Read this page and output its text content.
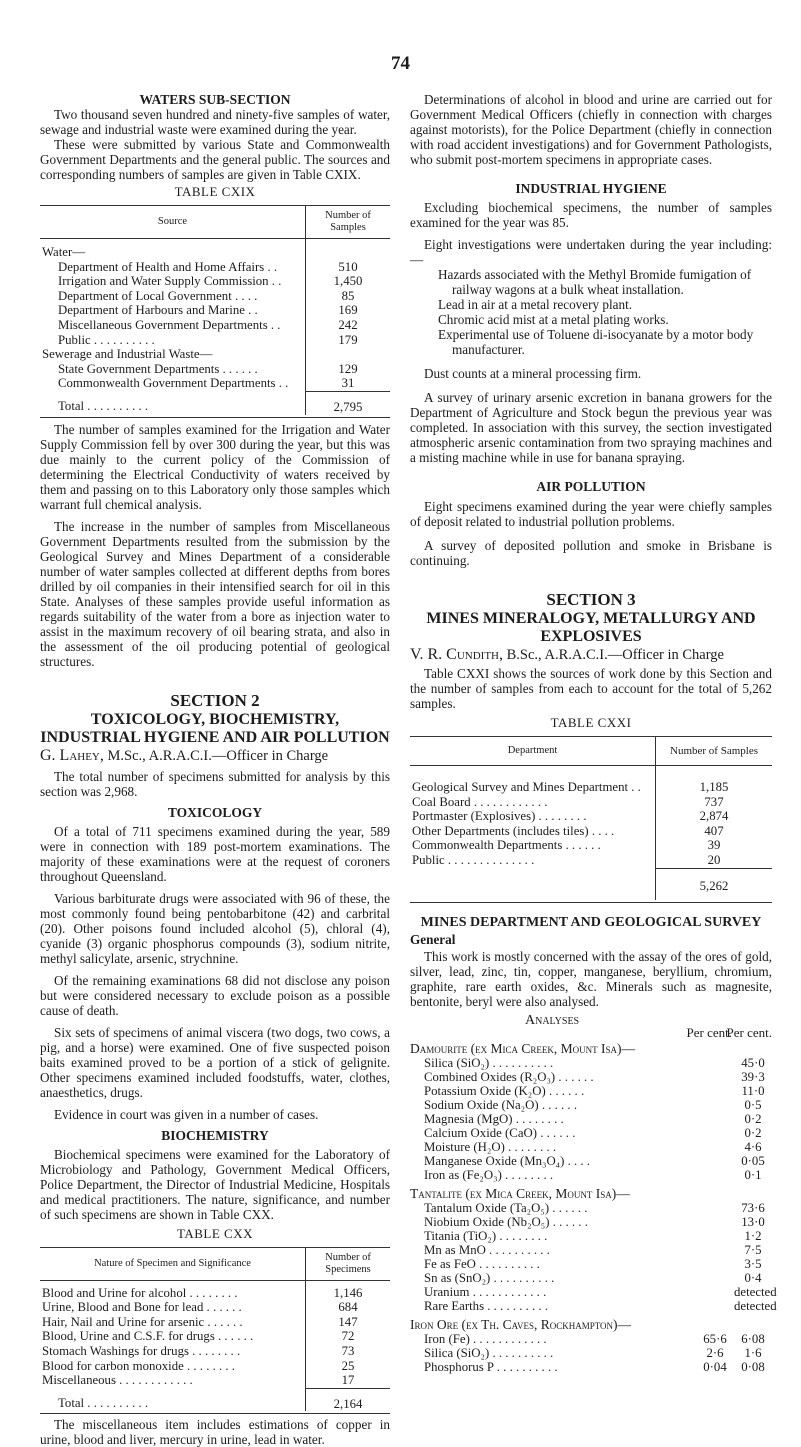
74

WATERS SUB-SECTION

Two thousand seven hundred and ninety-five samples of water, sewage and industrial waste were examined during the year.

These were submitted by various State and Commonwealth Government Departments and the general public. The sources and corresponding numbers of samples are given in Table CXIX.

TABLE CXIX

Source	Number of Samples

Water—	
Department of Health and Home Affairs . .	510
Irrigation and Water Supply Commission . .	1,450
Department of Local Government . . . .	85
Department of Harbours and Marine . .	169
Miscellaneous Government Departments . .	242
Public . . . . . . . . . .	179
Sewerage and Industrial Waste—	
State Government Departments . . . . . .	129
Commonwealth Government Departments . .	31
Total . . . . . . . . . .	2,795

The number of samples examined for the Irrigation and Water Supply Commission fell by over 300 during the year, but this was due mainly to the current policy of the Commission of determining the Electrical Conductivity of waters received by them and passing on to this Laboratory only those samples which warrant full chemical analysis.

The increase in the number of samples from Miscellaneous Government Departments resulted from the submission by the Geological Survey and Mines Department of a considerable number of water samples collected at different depths from bores drilled by oil companies in their intensified search for oil in this State. Analyses of these samples provide useful information as regards suitability of the water from a bore as injection water to assist in the maximum recovery of oil bearing strata, and also in the assessment of the oil producing potential of geological structures.

SECTION 2

TOXICOLOGY, BIOCHEMISTRY, INDUSTRIAL HYGIENE AND AIR POLLUTION

G. Lahey, M.Sc., A.R.A.C.I.—Officer in Charge

The total number of specimens submitted for analysis by this section was 2,968.

TOXICOLOGY

Of a total of 711 specimens examined during the year, 589 were in connection with 189 post-mortem examinations. The majority of these examinations were at the request of coroners throughout Queensland.

Various barbiturate drugs were associated with 96 of these, the most commonly found being pentobarbitone (42) and carbrital (20). Other poisons found included alcohol (5), chloral (4), cyanide (3) organic phosphorus compounds (3), sodium nitrite, methyl salicylate, arsenic, strychnine.

Of the remaining examinations 68 did not disclose any poison but were considered necessary to exclude poison as a possible cause of death.

Six sets of specimens of animal viscera (two dogs, two cows, a pig, and a horse) were examined. One of five suspected poison baits examined proved to be a portion of a stick of gelignite. Other specimens examined included foodstuffs, water, clothes, anaesthetics, drugs.

Evidence in court was given in a number of cases.

BIOCHEMISTRY

Biochemical specimens were examined for the Laboratory of Microbiology and Pathology, Government Medical Officers, Police Department, the Director of Industrial Medicine, Hospitals and medical practitioners. The nature, significance, and number of such specimens are shown in Table CXX.

TABLE CXX

Nature of Specimen and Significance	Number of Specimens

Blood and Urine for alcohol . . . . . . . .	1,146
Urine, Blood and Bone for lead . . . . . .	684
Hair, Nail and Urine for arsenic . . . . . .	147
Blood, Urine and C.S.F. for drugs . . . . . .	72
Stomach Washings for drugs . . . . . . . .	73
Blood for carbon monoxide . . . . . . . .	25
Miscellaneous . . . . . . . . . . . .	17
Total . . . . . . . . . .	2,164

The miscellaneous item includes estimations of copper in urine, blood and liver, mercury in urine, lead in water.

Determinations of alcohol in blood and urine are carried out for Government Medical Officers (chiefly in connection with charges against motorists), for the Police Department (chiefly in connection with road accident investigations) and for Government Pathologists, who submit post-mortem specimens in appropriate cases.

INDUSTRIAL HYGIENE

Excluding biochemical specimens, the number of samples examined for the year was 85.

Eight investigations were undertaken during the year including:—

Hazards associated with the Methyl Bromide fumigation of railway wagons at a bulk wheat installation.
Lead in air at a metal recovery plant.
Chromic acid mist at a metal plating works.
Experimental use of Toluene di-isocyanate by a motor body manufacturer.

Dust counts at a mineral processing firm.

A survey of urinary arsenic excretion in banana growers for the Department of Agriculture and Stock begun the previous year was completed. In association with this survey, the section investigated atmospheric arsenic contamination from two spraying machines and a misting machine while in use for banana spraying.

AIR POLLUTION

Eight specimens examined during the year were chiefly samples of deposit related to industrial pollution problems.

A survey of deposited pollution and smoke in Brisbane is continuing.

SECTION 3

MINES MINERALOGY, METALLURGY AND EXPLOSIVES

V. R. Cundith, B.Sc., A.R.A.C.I.—Officer in Charge

Table CXXI shows the sources of work done by this Section and the number of samples from each to account for the total of 5,262 samples.

TABLE CXXI

Department	Number of Samples

Geological Survey and Mines Department . .	1,185
Coal Board . . . . . . . . . . . .	737
Portmaster (Explosives) . . . . . . . .	2,874
Other Departments (includes tiles) . . . .	407
Commonwealth Departments . . . . . .	39
Public . . . . . . . . . . . . . .	20
	5,262

MINES DEPARTMENT AND GEOLOGICAL SURVEY

General

This work is mostly concerned with the assay of the ores of gold, silver, lead, zinc, tin, copper, manganese, beryllium, chromium, graphite, rare earth oxides, &c. Minerals such as magnesite, bentonite, beryl were also analysed.

Analyses
Per cent.
Per cent.
Damourite (ex Mica Creek, Mount Isa)—
Silica (SiO₂) . . . . . . . . . .	45·0
Combined Oxides (R₂O₃) . . . . . .	39·3
Potassium Oxide (K₂O) . . . . . .	11·0
Sodium Oxide (Na₂O) . . . . . .	0·5
Magnesia (MgO) . . . . . . . .	0·2
Calcium Oxide (CaO) . . . . . .	0·2
Moisture (H₂O) . . . . . . . .	4·6
Manganese Oxide (Mn₃O₄) . . . .	0·05
Iron as (Fe₂O₃) . . . . . . . .	0·1
Tantalite (ex Mica Creek, Mount Isa)—
Tantalum Oxide (Ta₂O₅) . . . . . .	73·6
Niobium Oxide (Nb₂O₅) . . . . . .	13·0
Titania (TiO₂) . . . . . . . .	1·2
Mn as MnO . . . . . . . . . .	7·5
Fe as FeO . . . . . . . . . .	3·5
Sn as (SnO₂) . . . . . . . . . .	0·4
Uranium . . . . . . . . . . . .	detected
Rare Earths . . . . . . . . . .	detected
Iron Ore (ex Th. Caves, Rockhampton)—
Iron (Fe) . . . . . . . . . . . .	65·6	6·08
Silica (SiO₂) . . . . . . . . . .	2·6	1·6
Phosphorus P . . . . . . . . . .	0·04	0·08
